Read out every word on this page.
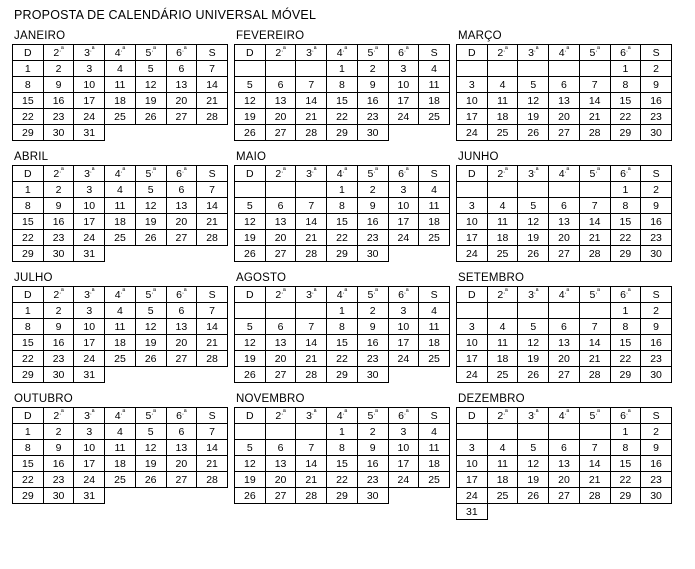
PROPOSTA DE CALENDÁRIO UNIVERSAL MÓVEL
JANEIRO
D	$2^{.ª}$	$3^{.ª}$	$4^{.ª}$	$5^{.ª}$	$6^{.ª}$	S
1	2	3	4	5	6	7
8	9	10	11	12	13	14
15	16	17	18	19	20	21
22	23	24	25	26	27	28
29	30	31				
FEVEREIRO
D	$2^{.ª}$	$3^{.ª}$	$4^{.ª}$	$5^{.ª}$	$6^{.ª}$	S
			1	2	3	4
5	6	7	8	9	10	11
12	13	14	15	16	17	18
19	20	21	22	23	24	25
26	27	28	29	30		
MARÇO
D	$2^{.ª}$	$3^{.ª}$	$4^{.ª}$	$5^{.ª}$	$6^{.ª}$	S
					1	2
3	4	5	6	7	8	9
10	11	12	13	14	15	16
17	18	19	20	21	22	23
24	25	26	27	28	29	30
ABRIL
D	$2^{.ª}$	$3^{.ª}$	$4^{.ª}$	$5^{.ª}$	$6^{.ª}$	S
1	2	3	4	5	6	7
8	9	10	11	12	13	14
15	16	17	18	19	20	21
22	23	24	25	26	27	28
29	30	31				
MAIO
D	$2^{.ª}$	$3^{.ª}$	$4^{.ª}$	$5^{.ª}$	$6^{.ª}$	S
			1	2	3	4
5	6	7	8	9	10	11
12	13	14	15	16	17	18
19	20	21	22	23	24	25
26	27	28	29	30		
JUNHO
D	$2^{.ª}$	$3^{.ª}$	$4^{.ª}$	$5^{.ª}$	$6^{.ª}$	S
					1	2
3	4	5	6	7	8	9
10	11	12	13	14	15	16
17	18	19	20	21	22	23
24	25	26	27	28	29	30
JULHO
D	$2^{.ª}$	$3^{.ª}$	$4^{.ª}$	$5^{.ª}$	$6^{.ª}$	S
1	2	3	4	5	6	7
8	9	10	11	12	13	14
15	16	17	18	19	20	21
22	23	24	25	26	27	28
29	30	31				
AGOSTO
D	$2^{.ª}$	$3^{.ª}$	$4^{.ª}$	$5^{.ª}$	$6^{.ª}$	S
			1	2	3	4
5	6	7	8	9	10	11
12	13	14	15	16	17	18
19	20	21	22	23	24	25
26	27	28	29	30		
SETEMBRO
D	$2^{.ª}$	$3^{.ª}$	$4^{.ª}$	$5^{.ª}$	$6^{.ª}$	S
					1	2
3	4	5	6	7	8	9
10	11	12	13	14	15	16
17	18	19	20	21	22	23
24	25	26	27	28	29	30
OUTUBRO
D	$2^{.ª}$	$3^{.ª}$	$4^{.ª}$	$5^{.ª}$	$6^{.ª}$	S
1	2	3	4	5	6	7
8	9	10	11	12	13	14
15	16	17	18	19	20	21
22	23	24	25	26	27	28
29	30	31				
NOVEMBRO
D	$2^{.ª}$	$3^{.ª}$	$4^{.ª}$	$5^{.ª}$	$6^{.ª}$	S
			1	2	3	4
5	6	7	8	9	10	11
12	13	14	15	16	17	18
19	20	21	22	23	24	25
26	27	28	29	30		
DEZEMBRO
D	$2^{.ª}$	$3^{.ª}$	$4^{.ª}$	$5^{.ª}$	$6^{.ª}$	S
					1	2
3	4	5	6	7	8	9
10	11	12	13	14	15	16
17	18	19	20	21	22	23
24	25	26	27	28	29	30
31						
